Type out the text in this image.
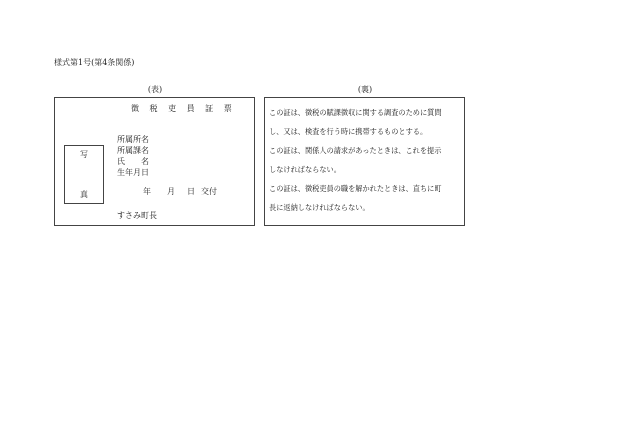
様式第1号(第4条関係)
(表)	(裏)
徴 税 吏 員 証 票
写
真
所属所名
所属課名
氏　　名
生年月日
年 月 日 交付
すさみ町長
この証は、徴税の賦課徴収に関する調査のために質問
し、又は、検査を行う時に携帯するものとする。
この証は、関係人の請求があったときは、これを提示
しなければならない。
この証は、徴税吏員の職を解かれたときは、直ちに町
長に返納しなければならない。
